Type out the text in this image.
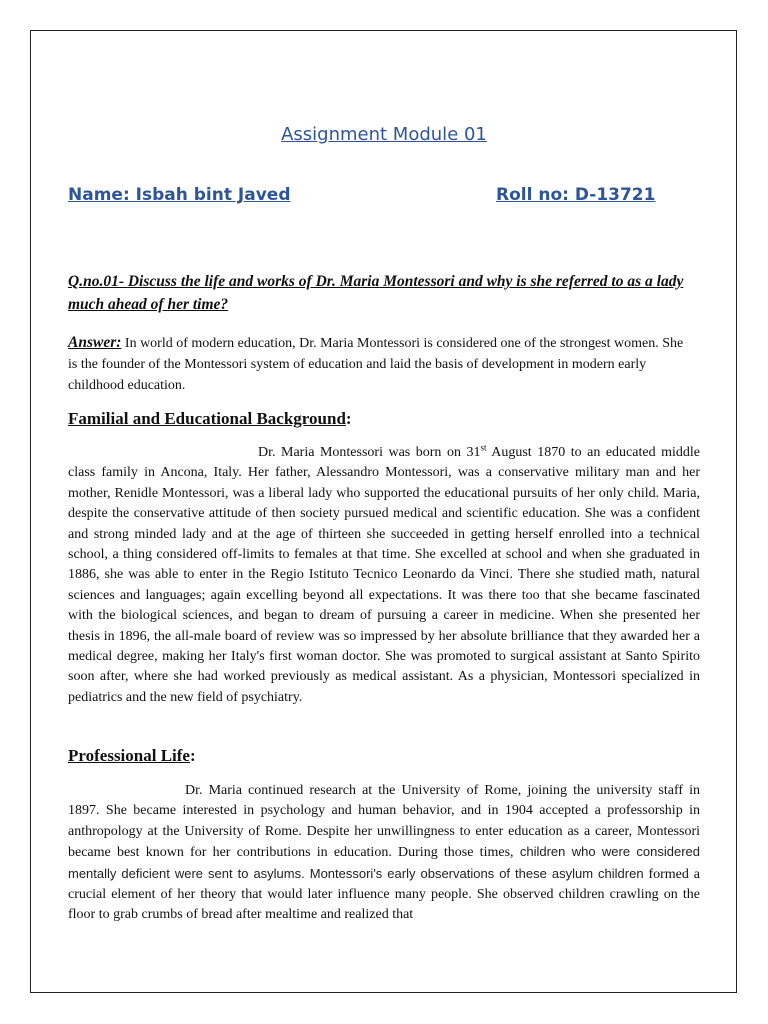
Assignment Module 01

Name: Isbah bint Javed	Roll no: D-13721

Q.no.01- Discuss the life and works of Dr. Maria Montessori and why is she referred to as a lady much ahead of her time?

Answer: In world of modern education, Dr. Maria Montessori is considered one of the strongest women. She is the founder of the Montessori system of education and laid the basis of development in modern early childhood education.

Familial and Educational Background:

Dr. Maria Montessori was born on 31st August 1870 to an educated middle class family in Ancona, Italy. Her father, Alessandro Montessori, was a conservative military man and her mother, Renidle Montessori, was a liberal lady who supported the educational pursuits of her only child. Maria, despite the conservative attitude of then society pursued medical and scientific education. She was a confident and strong minded lady and at the age of thirteen she succeeded in getting herself enrolled into a technical school, a thing considered off-limits to females at that time. She excelled at school and when she graduated in 1886, she was able to enter in the Regio Istituto Tecnico Leonardo da Vinci. There she studied math, natural sciences and languages; again excelling beyond all expectations. It was there too that she became fascinated with the biological sciences, and began to dream of pursuing a career in medicine. When she presented her thesis in 1896, the all-male board of review was so impressed by her absolute brilliance that they awarded her a medical degree, making her Italy's first woman doctor. She was promoted to surgical assistant at Santo Spirito soon after, where she had worked previously as medical assistant. As a physician, Montessori specialized in pediatrics and the new field of psychiatry.

Professional Life:

Dr. Maria continued research at the University of Rome, joining the university staff in 1897. She became interested in psychology and human behavior, and in 1904 accepted a professorship in anthropology at the University of Rome. Despite her unwillingness to enter education as a career, Montessori became best known for her contributions in education. During those times, children who were considered mentally deficient were sent to asylums. Montessori's early observations of these asylum children formed a crucial element of her theory that would later influence many people. She observed children crawling on the floor to grab crumbs of bread after mealtime and realized that
